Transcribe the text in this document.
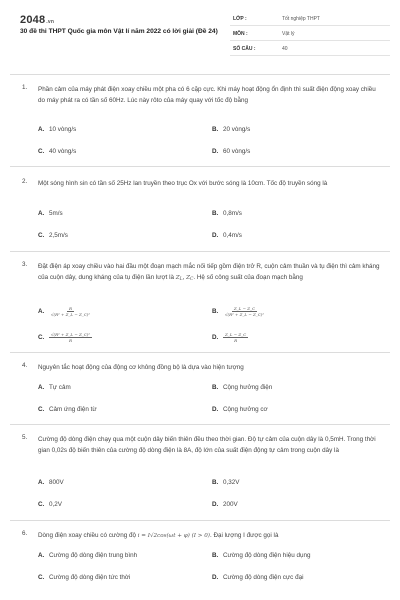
2048.vn
30 đề thi THPT Quốc gia môn Vật lí năm 2022 có lời giải (Đề 24)
LỚP :	Tốt nghiệp THPT
MÔN :	Vật lý
SỐ CÂU :	40
1. Phần cảm của máy phát điện xoay chiều một pha có 6 cặp cực. Khi máy hoạt động ổn định thì suất điện động xoay chiều do máy phát ra có tần số 60Hz. Lúc này rôto của máy quay với tốc độ bằng
A. 10 vòng/s	B. 20 vòng/s
C. 40 vòng/s	D. 60 vòng/s
2. Một sóng hình sin có tần số 25Hz lan truyền theo trục Ox với bước sóng là 10cm. Tốc độ truyền sóng là
A. 5m/s	B. 0,8m/s
C. 2,5m/s	D. 0,4m/s
3. Đặt điện áp xoay chiều vào hai đầu một đoạn mạch mắc nối tiếp gồm điện trở R, cuộn cảm thuần và tụ điện thì cảm kháng của cuộn dây, dung kháng của tụ điện lần lượt là $Z_L$, $Z_C$. Hệ số công suất của đoạn mạch bằng
A. $\frac{R}{\text{√(R² + Z\_L − Z\_C)²}}$	B. $\frac{Z\_L - Z\_C}{\text{√(R² + Z\_L − Z\_C)²}}$
C. $\frac{\text{√(R² + Z\_L − Z\_C)²}}{R}$	D. $\frac{Z\_L - Z\_C}{R}$
4. Nguyên tắc hoạt động của động cơ không đồng bộ là dựa vào hiện tượng
A. Tự cảm	B. Cộng hưởng điện
C. Cảm ứng điện từ	D. Cộng hưởng cơ
5. Cường độ dòng điện chạy qua một cuộn dây biến thiên đều theo thời gian. Độ tự cảm của cuộn dây là 0,5mH. Trong thời gian 0,02s độ biến thiên của cường độ dòng điện là 8A, độ lớn của suất điện động tự cảm trong cuộn dây là
A. 800V	B. 0,32V
C. 0,2V	D. 200V
6. Dòng điện xoay chiều có cường độ i = I√2cos(ωt + φ) (I > 0). Đại lượng I được gọi là
A. Cường độ dòng điện trung bình	B. Cường độ dòng điện hiệu dụng
C. Cường độ dòng điện tức thời	D. Cường độ dòng điện cực đại
